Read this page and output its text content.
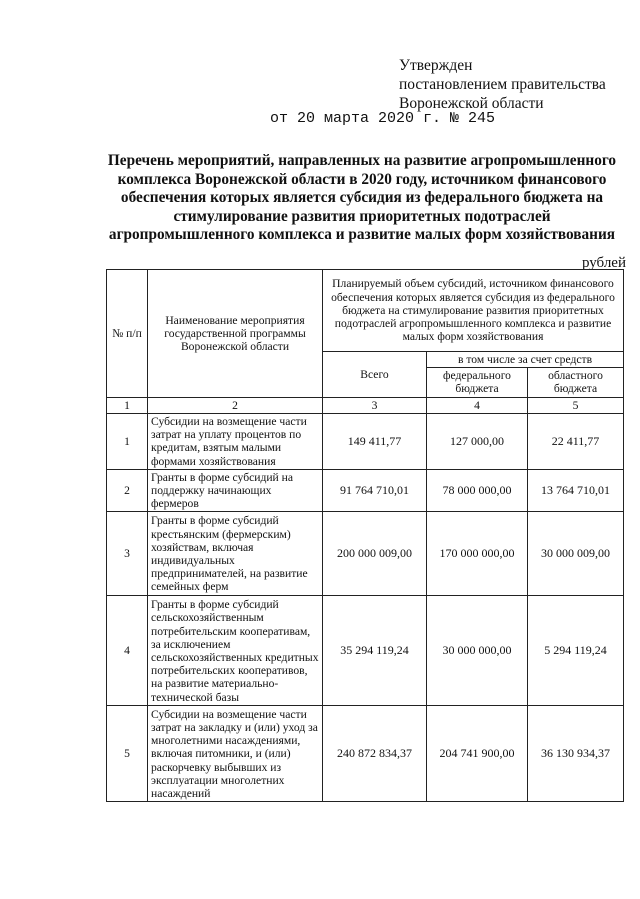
Утвержден
постановлением правительства
Воронежской области
от 20 марта 2020 г. № 245
Перечень мероприятий, направленных на развитие агропромышленного комплекса Воронежской области в 2020 году, источником финансового обеспечения которых является субсидия из федерального бюджета на стимулирование развития приоритетных подотраслей агропромышленного комплекса и развитие малых форм хозяйствования
рублей
№ п/п	Наименование мероприятия государственной программы Воронежской области	Планируемый объем субсидий, источником финансового обеспечения которых является субсидия из федерального бюджета на стимулирование развития приоритетных подотраслей агропромышленного комплекса и развитие малых форм хозяйствования		
		Всего	в том числе за счет средств	
			федерального бюджета	областного бюджета
1	2	3	4	5
1	Субсидии на возмещение части затрат на уплату процентов по кредитам, взятым малыми формами хозяйствования	149 411,77	127 000,00	22 411,77
2	Гранты в форме субсидий на поддержку начинающих фермеров	91 764 710,01	78 000 000,00	13 764 710,01
3	Гранты в форме субсидий крестьянским (фермерским) хозяйствам, включая индивидуальных предпринимателей, на развитие семейных ферм	200 000 009,00	170 000 000,00	30 000 009,00
4	Гранты в форме субсидий сельскохозяйственным потребительским кооперативам, за исключением сельскохозяйственных кредитных потребительских кооперативов, на развитие материально-технической базы	35 294 119,24	30 000 000,00	5 294 119,24
5	Субсидии на возмещение части затрат на закладку и (или) уход за многолетними насаждениями, включая питомники, и (или) раскорчевку выбывших из эксплуатации многолетних насаждений	240 872 834,37	204 741 900,00	36 130 934,37
